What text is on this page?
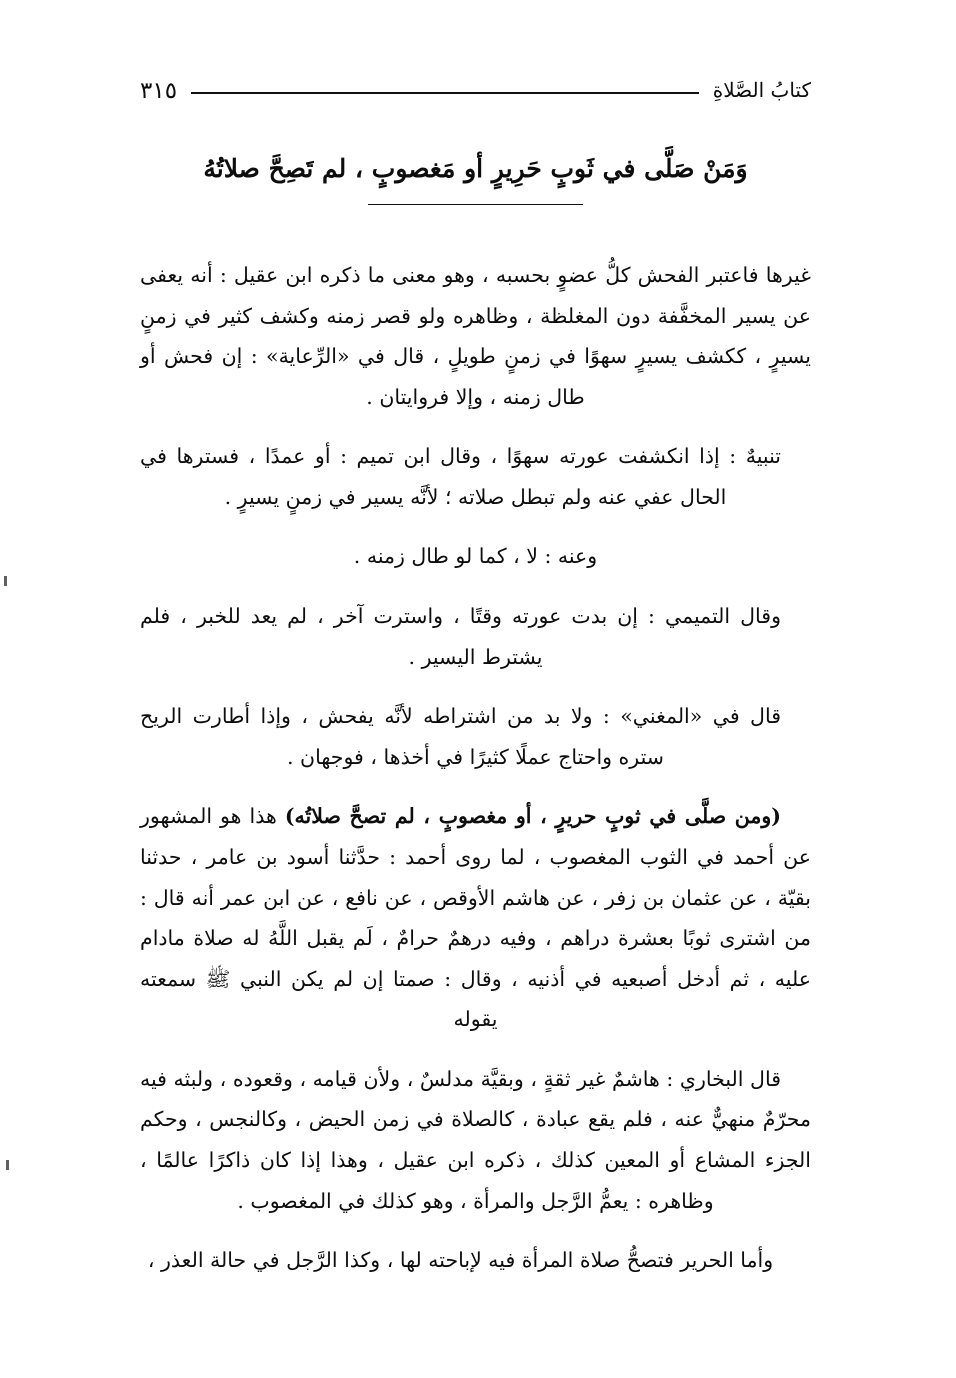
كتابُ الصَّلاةِ
٣١٥
وَمَنْ صَلَّى في ثَوبٍ حَرِيرٍ أو مَغصوبٍ ، لم تَصِحَّ صلاتُهُ

غيرها فاعتبر الفحش كلُّ عضوٍ بحسبه ، وهو معنى ما ذكره ابن عقيل : أنه يعفى عن يسير المخفَّفة دون المغلظة ، وظاهره ولو قصر زمنه وكشف كثير في زمنٍ يسيرٍ ، ككشف يسيرٍ سهوًا في زمنٍ طويلٍ ، قال في «الرِّعاية» : إن فحش أو طال زمنه ، وإلا فروايتان .

تنبيهٌ : إذا انكشفت عورته سهوًا ، وقال ابن تميم : أو عمدًا ، فسترها في الحال عفي عنه ولم تبطل صلاته ؛ لأنَّه يسير في زمنٍ يسيرٍ .

وعنه : لا ، كما لو طال زمنه .

وقال التميمي : إن بدت عورته وقتًا ، واسترت آخر ، لم يعد للخبر ، فلم يشترط اليسير .

قال في «المغني» : ولا بد من اشتراطه لأنَّه يفحش ، وإذا أطارت الريح ستره واحتاج عملًا كثيرًا في أخذها ، فوجهان .

(ومن صلَّى في ثوبٍ حريرٍ ، أو مغصوبٍ ، لم تصحَّ صلاتُه) هذا هو المشهور عن أحمد في الثوب المغصوب ، لما روى أحمد : حدَّثنا أسود بن عامر ، حدثنا بقيّة ، عن عثمان بن زفر ، عن هاشم الأوقص ، عن نافع ، عن ابن عمر أنه قال : من اشترى ثوبًا بعشرة دراهم ، وفيه درهمٌ حرامٌ ، لَم يقبل اللَّهُ له صلاة مادام عليه ، ثم أدخل أصبعيه في أذنيه ، وقال : صمتا إن لم يكن النبي ﷺ سمعته يقوله

قال البخاري : هاشمٌ غير ثقةٍ ، وبقيَّة مدلسٌ ، ولأن قيامه ، وقعوده ، ولبثه فيه محرّمٌ منهيٌّ عنه ، فلم يقع عبادة ، كالصلاة في زمن الحيض ، وكالنجس ، وحكم الجزء المشاع أو المعين كذلك ، ذكره ابن عقيل ، وهذا إذا كان ذاكرًا عالمًا ، وظاهره : يعمُّ الرَّجل والمرأة ، وهو كذلك في المغصوب .

وأما الحرير فتصحُّ صلاة المرأة فيه لإباحته لها ، وكذا الرَّجل في حالة العذر ،
